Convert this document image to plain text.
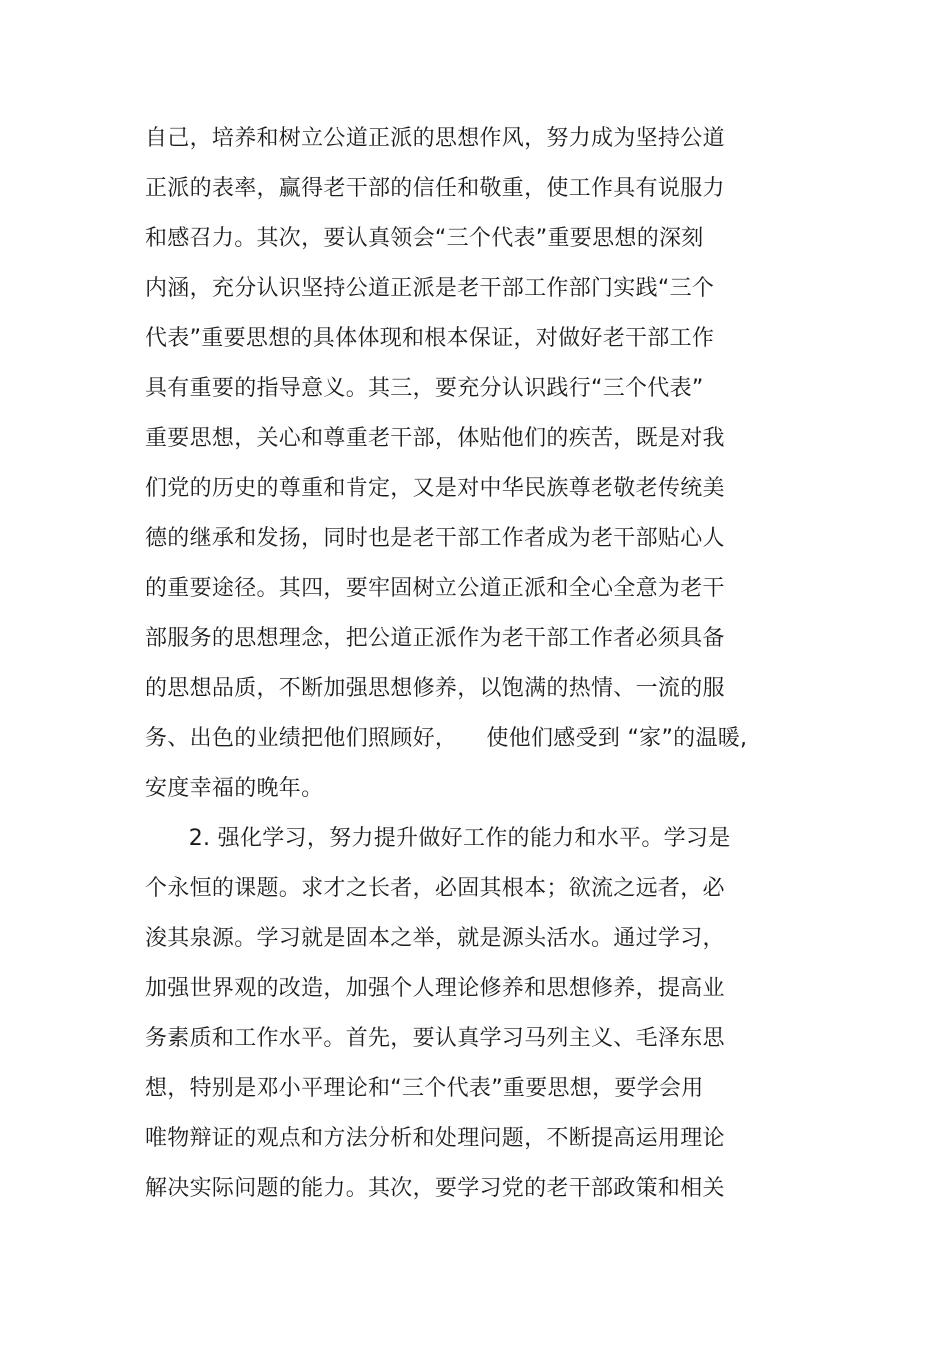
自己，培养和树立公道正派的思想作风，努力成为坚持公道
正派的表率，赢得老干部的信任和敬重，使工作具有说服力
和感召力。其次，要认真领会“三个代表”重要思想的深刻
内涵，充分认识坚持公道正派是老干部工作部门实践“三个
代表”重要思想的具体体现和根本保证，对做好老干部工作
具有重要的指导意义。其三，要充分认识践行“三个代表”
重要思想，关心和尊重老干部，体贴他们的疾苦，既是对我
们党的历史的尊重和肯定，又是对中华民族尊老敬老传统美
德的继承和发扬，同时也是老干部工作者成为老干部贴心人
的重要途径。其四，要牢固树立公道正派和全心全意为老干
部服务的思想理念，把公道正派作为老干部工作者必须具备
的思想品质，不断加强思想修养，以饱满的热情、一流的服
务、出色的业绩把他们照顾好，    使他们感受到 “家”的温暖,
安度幸福的晚年。
2. 强化学习，努力提升做好工作的能力和水平。学习是
个永恒的课题。求才之长者，必固其根本；欲流之远者，必
浚其泉源。学习就是固本之举，就是源头活水。通过学习，
加强世界观的改造，加强个人理论修养和思想修养，提高业
务素质和工作水平。首先，要认真学习马列主义、毛泽东思
想，特别是邓小平理论和“三个代表”重要思想，要学会用
唯物辩证的观点和方法分析和处理问题，不断提高运用理论
解决实际问题的能力。其次，要学习党的老干部政策和相关
